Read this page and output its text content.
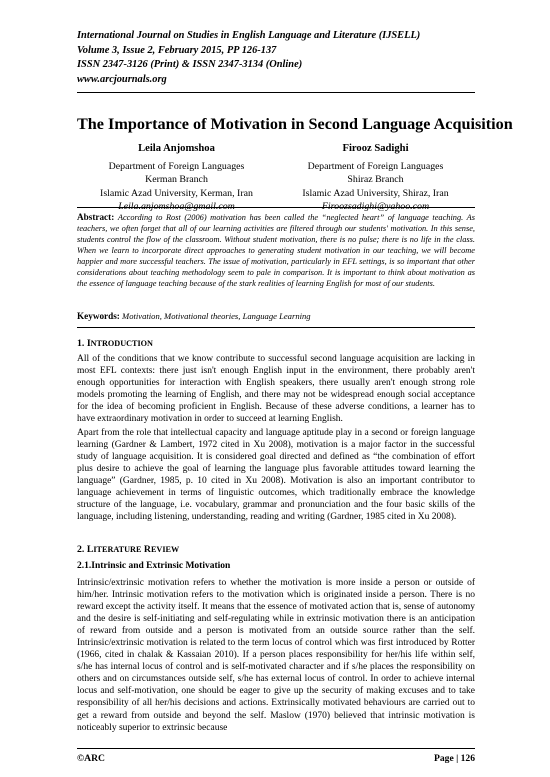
International Journal on Studies in English Language and Literature (IJSELL)
Volume 3, Issue 2, February 2015, PP 126-137
ISSN 2347-3126 (Print) & ISSN 2347-3134 (Online)
www.arcjournals.org
The Importance of Motivation in Second Language Acquisition
Leila Anjomshoa
Department of Foreign Languages
Kerman Branch
Islamic Azad University, Kerman, Iran
Leila.anjomshoa@gmail.com
Firooz Sadighi
Department of Foreign Languages
Shiraz Branch
Islamic Azad University, Shiraz, Iran
Firoozsadighi@yahoo.com
Abstract: According to Rost (2006) motivation has been called the “neglected heart” of language teaching. As teachers, we often forget that all of our learning activities are filtered through our students' motivation. In this sense, students control the flow of the classroom. Without student motivation, there is no pulse; there is no life in the class. When we learn to incorporate direct approaches to generating student motivation in our teaching, we will become happier and more successful teachers. The issue of motivation, particularly in EFL settings, is so important that other considerations about teaching methodology seem to pale in comparison. It is important to think about motivation as the essence of language teaching because of the stark realities of learning English for most of our students.
Keywords: Motivation, Motivational theories, Language Learning
1. INTRODUCTION
All of the conditions that we know contribute to successful second language acquisition are lacking in most EFL contexts: there just isn't enough English input in the environment, there probably aren't enough opportunities for interaction with English speakers, there usually aren't enough strong role models promoting the learning of English, and there may not be widespread enough social acceptance for the idea of becoming proficient in English. Because of these adverse conditions, a learner has to have extraordinary motivation in order to succeed at learning English.
Apart from the role that intellectual capacity and language aptitude play in a second or foreign language learning (Gardner & Lambert, 1972 cited in Xu 2008), motivation is a major factor in the successful study of language acquisition. It is considered goal directed and defined as “the combination of effort plus desire to achieve the goal of learning the language plus favorable attitudes toward learning the language” (Gardner, 1985, p. 10 cited in Xu 2008). Motivation is also an important contributor to language achievement in terms of linguistic outcomes, which traditionally embrace the knowledge structure of the language, i.e. vocabulary, grammar and pronunciation and the four basic skills of the language, including listening, understanding, reading and writing (Gardner, 1985 cited in Xu 2008).
2. LITERATURE REVIEW
2.1.Intrinsic and Extrinsic Motivation
Intrinsic/extrinsic motivation refers to whether the motivation is more inside a person or outside of him/her. Intrinsic motivation refers to the motivation which is originated inside a person. There is no reward except the activity itself. It means that the essence of motivated action that is, sense of autonomy and the desire is self-initiating and self-regulating while in extrinsic motivation there is an anticipation of reward from outside and a person is motivated from an outside source rather than the self. Intrinsic/extrinsic motivation is related to the term locus of control which was first introduced by Rotter (1966, cited in chalak & Kassaian 2010). If a person places responsibility for her/his life within self, s/he has internal locus of control and is self-motivated character and if s/he places the responsibility on others and on circumstances outside self, s/he has external locus of control. In order to achieve internal locus and self-motivation, one should be eager to give up the security of making excuses and to take responsibility of all her/his decisions and actions. Extrinsically motivated behaviours are carried out to get a reward from outside and beyond the self. Maslow (1970) believed that intrinsic motivation is noticeably superior to extrinsic because
©ARC	Page | 126
